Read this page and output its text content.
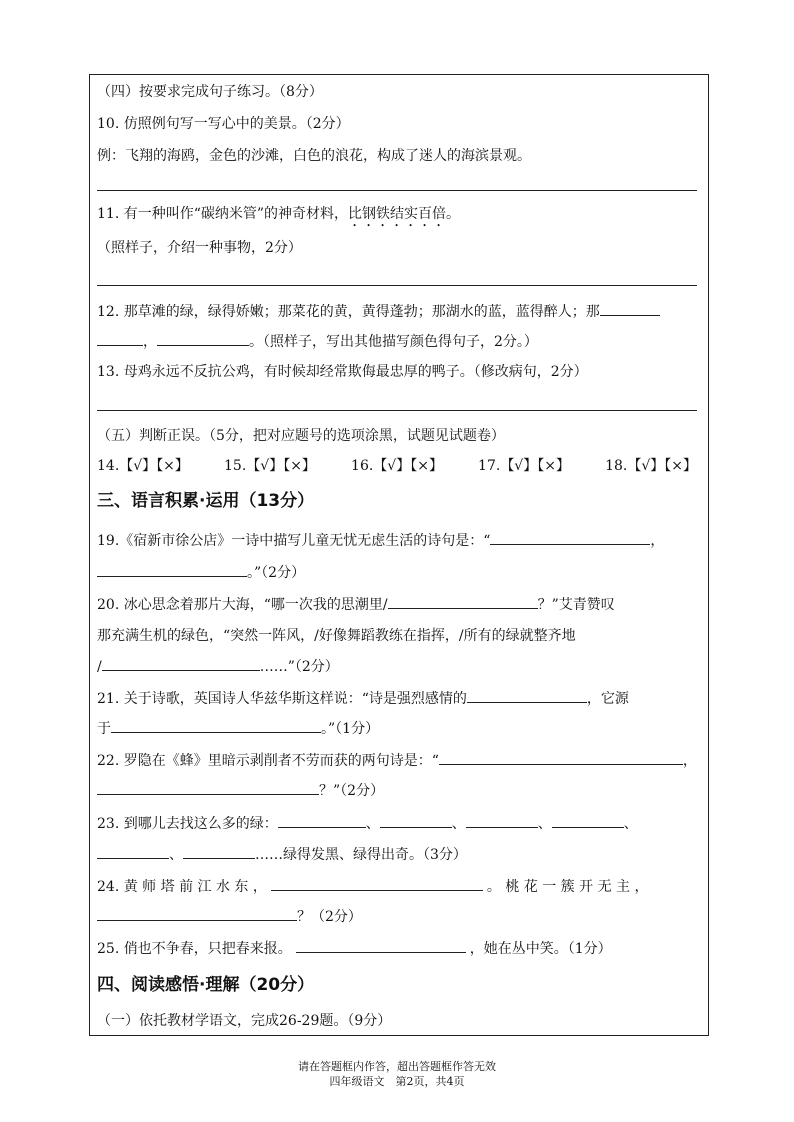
（四）按要求完成句子练习。（8分）
10. 仿照例句写一写心中的美景。（2分）
例：飞翔的海鸥，金色的沙滩，白色的浪花，构成了迷人的海滨景观。
11. 有一种叫作“碳纳米管”的神奇材料，比钢铁结实百倍。
（照样子，介绍一种事物，2分）
12. 那草滩的绿，绿得娇嫩；那菜花的黄，黄得蓬勃；那湖水的蓝，蓝得醉人；那
，	。（照样子，写出其他描写颜色得句子，2分。）
13. 母鸡永远不反抗公鸡，有时候却经常欺侮最忠厚的鸭子。（修改病句，2分）
（五）判断正误。（5分，把对应题号的选项涂黑，试题见试题卷）
14.【√】【×】	15.【√】【×】	16.【√】【×】	17.【√】【×】	18.【√】【×】
三、语言积累·运用（13分）
19.《宿新市徐公店》一诗中描写儿童无忧无虑生活的诗句是：“	，
。”（2分）
20. 冰心思念着那片大海，“哪一次我的思潮里/	？”艾青赞叹
那充满生机的绿色，“突然一阵风，/好像舞蹈教练在指挥，/所有的绿就整齐地
/	……”（2分）
21. 关于诗歌，英国诗人华兹华斯这样说：“诗是强烈感情的	，它源
于	。”（1分）
22. 罗隐在《蜂》里暗示剥削者不劳而获的两句诗是：“	，
？”（2分）
23. 到哪儿去找这么多的绿：	、	、	、	、
、	……绿得发黑、绿得出奇。（3分）
24. 黄 师 塔 前 江 水 东 ，	。 桃 花 一 簇 开 无 主 ，
？（2分）
25. 俏也不争春，只把春来报。	，她在丛中笑。（1分）
四、阅读感悟·理解（20分）
（一）依托教材学语文，完成26-29题。（9分）
请在答题框内作答，超出答题框作答无效
四年级语文　第2页，共4页
